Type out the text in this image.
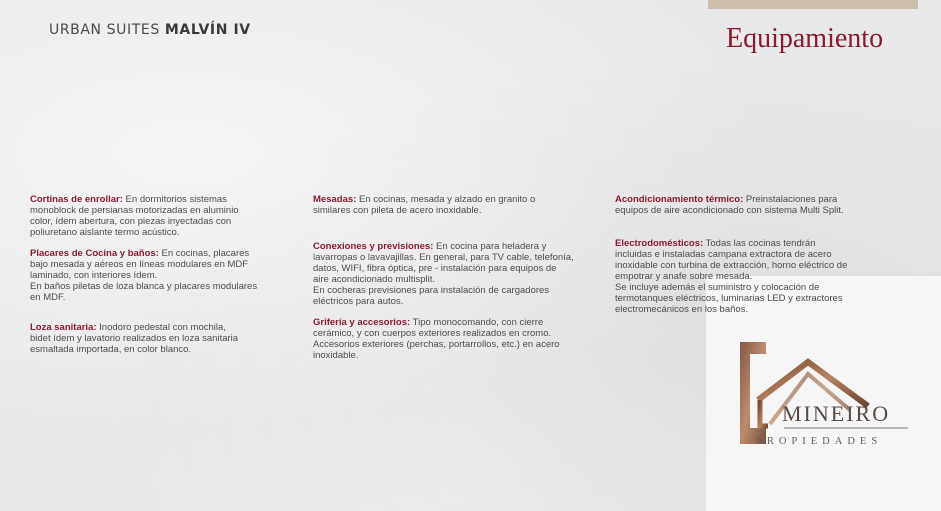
URBAN SUITES MALVÍN IV	Equipamiento
Cortinas de enrollar: En dormitorios sistemas
monoblock de persianas motorizadas en aluminio
color, ídem abertura, con piezas inyectadas con
poliuretano aislante termo acústico.
Placares de Cocina y baños: En cocinas, placares
bajo mesada y aéreos en líneas modulares en MDF
laminado, con interiores ídem.
En baños piletas de loza blanca y placares modulares
en MDF.
Loza sanitaria: Inodoro pedestal con mochila,
bidet ídem y lavatorio realizados en loza sanitaria
esmaltada importada, en color blanco.
Mesadas: En cocinas, mesada y alzado en granito o
similares con pileta de acero inoxidable.
Conexiones y previsiones: En cocina para heladera y
lavarropas o lavavajillas. En general, para TV cable, telefonía,
datos, WIFI, fibra óptica, pre - instalación para equipos de
aire acondicionado multisplit.
En cocheras previsiones para instalación de cargadores
eléctricos para autos.
Grifería y accesorios: Tipo monocomando, con cierre
cerámico, y con cuerpos exteriores realizados en cromo.
Accesorios exteriores (perchas, portarrollos, etc.) en acero
inoxidable.
Acondicionamiento térmico: Preinstalaciones para
equipos de aire acondicionado con sistema Multi Split.
Electrodomésticos: Todas las cocinas tendrán
incluidas e instaladas campana extractora de acero
inoxidable con turbina de extracción, horno eléctrico de
empotrar y anafe sobre mesada.
Se incluye además el suministro y colocación de
termotanques eléctricos, luminarias LED y extractores
electromecánicos en los baños.
MINEIRO
PROPIEDADES
